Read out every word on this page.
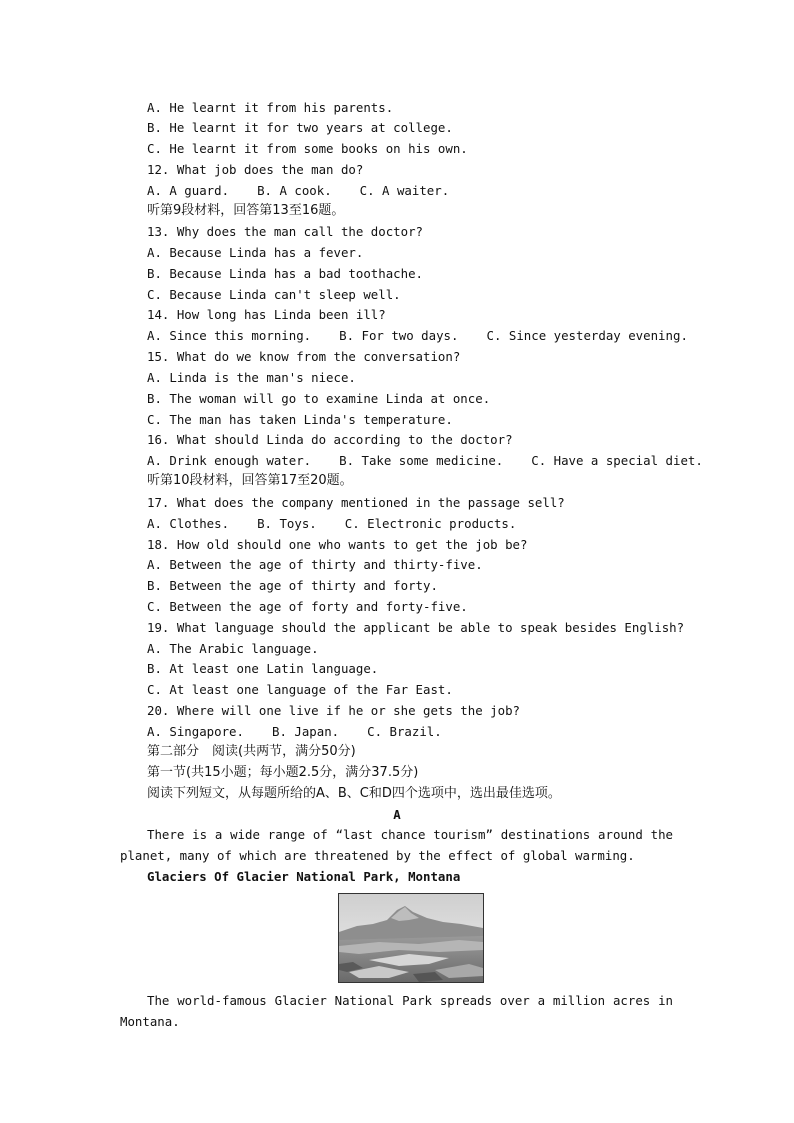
A. He learnt it from his parents.
B. He learnt it for two years at college.
C. He learnt it from some books on his own.
12. What job does the man do?
A. A guard. B. A cook. C. A waiter.
听第9段材料，回答第13至16题。
13. Why does the man call the doctor?
A. Because Linda has a fever.
B. Because Linda has a bad toothache.
C. Because Linda can't sleep well.
14. How long has Linda been ill?
A. Since this morning. B. For two days. C. Since yesterday evening.
15. What do we know from the conversation?
A. Linda is the man's niece.
B. The woman will go to examine Linda at once.
C. The man has taken Linda's temperature.
16. What should Linda do according to the doctor?
A. Drink enough water. B. Take some medicine. C. Have a special diet.
听第10段材料，回答第17至20题。
17. What does the company mentioned in the passage sell?
A. Clothes. B. Toys. C. Electronic products.
18. How old should one who wants to get the job be?
A. Between the age of thirty and thirty-five.
B. Between the age of thirty and forty.
C. Between the age of forty and forty-five.
19. What language should the applicant be able to speak besides English?
A. The Arabic language.
B. At least one Latin language.
C. At least one language of the Far East.
20. Where will one live if he or she gets the job?
A. Singapore. B. Japan. C. Brazil.
第二部分　阅读(共两节，满分50分)
第一节(共15小题；每小题2.5分，满分37.5分)
阅读下列短文，从每题所给的A、B、C和D四个选项中，选出最佳选项。
A
There is a wide range of “last chance tourism” destinations around the planet, many of which are threatened by the effect of global warming.
Glaciers Of Glacier National Park, Montana
The world-famous Glacier National Park spreads over a million acres in Montana.
